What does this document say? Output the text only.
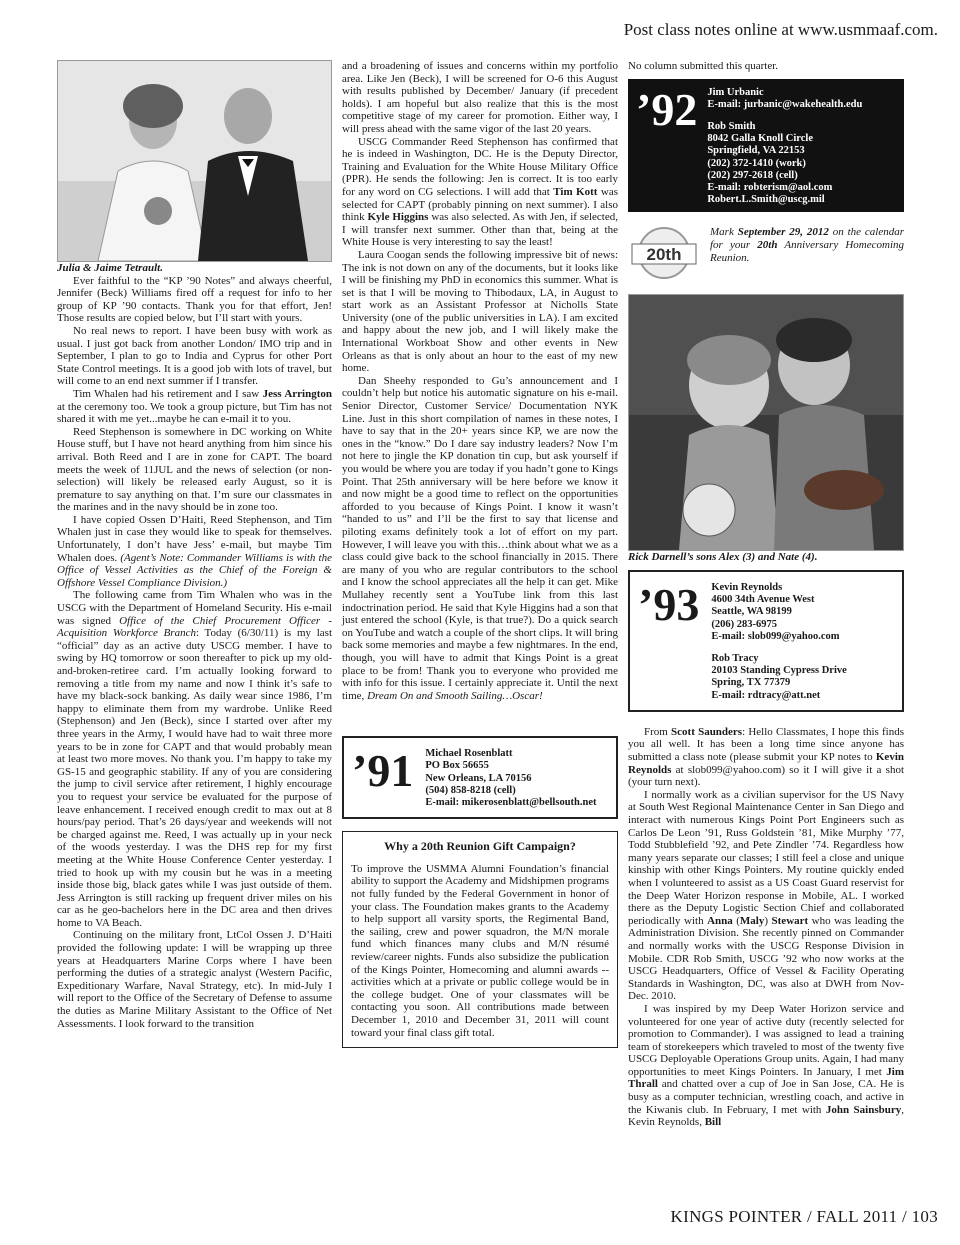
Post class notes online at www.usmmaaf.com.

Julia & Jaime Tetrault.

Ever faithful to the “KP ’90 Notes” and always cheerful, Jennifer (Beck) Williams fired off a request for info to her group of KP ’90 contacts. Thank you for that effort, Jen! Those results are copied below, but I’ll start with yours.

No real news to report. I have been busy with work as usual. I just got back from another London/ IMO trip and in September, I plan to go to India and Cyprus for other Port State Control meetings. It is a good job with lots of travel, but will come to an end next summer if I transfer.

Tim Whalen had his retirement and I saw Jess Arrington at the ceremony too. We took a group picture, but Tim has not shared it with me yet...maybe he can e-mail it to you.

Reed Stephenson is somewhere in DC working on White House stuff, but I have not heard anything from him since his arrival. Both Reed and I are in zone for CAPT. The board meets the week of 11JUL and the news of selection (or non-selection) will likely be released early August, so it is premature to say anything on that. I’m sure our classmates in the marines and in the navy should be in zone too.

I have copied Ossen D’Haiti, Reed Stephenson, and Tim Whalen just in case they would like to speak for themselves. Unfortunately, I don’t have Jess’ e-mail, but maybe Tim Whalen does. (Agent’s Note: Commander Williams is with the Office of Vessel Activities as the Chief of the Foreign & Offshore Vessel Compliance Division.)

The following came from Tim Whalen who was in the USCG with the Department of Homeland Security. His e-mail was signed Office of the Chief Procurement Officer - Acquisition Workforce Branch: Today (6/30/11) is my last “official” day as an active duty USCG member. I have to swing by HQ tomorrow or soon thereafter to pick up my old-and-broken-retiree card. I’m actually looking forward to removing a title from my name and now I think it’s safe to have my black-sock banking. As daily wear since 1986, I’m happy to eliminate them from my wardrobe. Unlike Reed (Stephenson) and Jen (Beck), since I started over after my three years in the Army, I would have had to wait three more years to be in zone for CAPT and that would probably mean at least two more moves. No thank you. I’m happy to take my GS-15 and geographic stability. If any of you are considering the jump to civil service after retirement, I highly encourage you to request your service be evaluated for the purpose of leave enhancement. I received enough credit to max out at 8 hours/pay period. That’s 26 days/year and weekends will not be charged against me. Reed, I was actually up in your neck of the woods yesterday. I was the DHS rep for my first meeting at the White House Conference Center yesterday. I tried to hook up with my cousin but he was in a meeting inside those big, black gates while I was just outside of them. Jess Arrington is still racking up frequent driver miles on his car as he geo-bachelors here in the DC area and then drives home to VA Beach.

Continuing on the military front, LtCol Ossen J. D’Haiti provided the following update: I will be wrapping up three years at Headquarters Marine Corps where I have been performing the duties of a strategic analyst (Western Pacific, Expeditionary Warfare, Naval Strategy, etc). In mid-July I will report to the Office of the Secretary of Defense to assume the duties as Marine Military Assistant to the Office of Net Assessments. I look forward to the transition

and a broadening of issues and concerns within my portfolio area. Like Jen (Beck), I will be screened for O-6 this August with results published by December/ January (if precedent holds). I am hopeful but also realize that this is the most competitive stage of my career for promotion. Either way, I will press ahead with the same vigor of the last 20 years.

USCG Commander Reed Stephenson has confirmed that he is indeed in Washington, DC. He is the Deputy Director, Training and Evaluation for the White House Military Office (PPR). He sends the following: Jen is correct. It is too early for any word on CG selections. I will add that Tim Kott was selected for CAPT (probably pinning on next summer). I also think Kyle Higgins was also selected. As with Jen, if selected, I will transfer next summer. Other than that, being at the White House is very interesting to say the least!

Laura Coogan sends the following impressive bit of news: The ink is not down on any of the documents, but it looks like I will be finishing my PhD in economics this summer. What is set is that I will be moving to Thibodaux, LA, in August to start work as an Assistant Professor at Nicholls State University (one of the public universities in LA). I am excited and happy about the new job, and I will likely make the International Workboat Show and other events in New Orleans as that is only about an hour to the east of my new home.

Dan Sheehy responded to Gu’s announcement and I couldn’t help but notice his automatic signature on his e-mail. Senior Director, Customer Service/ Documentation NYK Line. Just in this short compilation of names in these notes, I have to say that in the 20+ years since KP, we are now the ones in the “know.” Do I dare say industry leaders? Now I’m not here to jingle the KP donation tin cup, but ask yourself if you would be where you are today if you hadn’t gone to Kings Point. That 25th anniversary will be here before we know it and now might be a good time to reflect on the opportunities afforded to you because of Kings Point. I know it wasn’t “handed to us” and I’ll be the first to say that license and piloting exams definitely took a lot of effort on my part. However, I will leave you with this…think about what we as a class could give back to the school financially in 2015. There are many of you who are regular contributors to the school and I know the school appreciates all the help it can get. Mike Mullahey recently sent a YouTube link from this last indoctrination period. He said that Kyle Higgins had a son that just entered the school (Kyle, is that true?). Do a quick search on YouTube and watch a couple of the short clips. It will bring back some memories and maybe a few nightmares. In the end, though, you will have to admit that Kings Point is a great place to be from! Thank you to everyone who provided me with info for this issue. I certainly appreciate it. Until the next time, Dream On and Smooth Sailing…Oscar!

’91 Michael Rosenblatt
PO Box 56655
New Orleans, LA 70156
(504) 858-8218 (cell)
E-mail: mikerosenblatt@bellsouth.net
Why a 20th Reunion Gift Campaign?

To improve the USMMA Alumni Foundation’s financial ability to support the Academy and Midshipmen programs not fully funded by the Federal Government in honor of your class. The Foundation makes grants to the Academy to help support all varsity sports, the Regimental Band, the sailing, crew and power squadron, the M/N morale fund which finances many clubs and M/N résumé review/career nights. Funds also subsidize the publication of the Kings Pointer, Homecoming and alumni awards -- activities which at a private or public college would be in the college budget. One of your classmates will be contacting you soon. All contributions made between December 1, 2010 and December 31, 2011 will count toward your final class gift total.

No column submitted this quarter.

’92 Jim Urbanic
E-mail: jurbanic@wakehealth.edu
Rob Smith
8042 Galla Knoll Circle
Springfield, VA 22153
(202) 372-1410 (work)
(202) 297-2618 (cell)
E-mail: robterism@aol.com
Robert.L.Smith@uscg.mil
20th
Mark September 29, 2012 on the calendar for your 20th Anniversary Homecoming Reunion.

Rick Darnell’s sons Alex (3) and Nate (4).

’93 Kevin Reynolds
4600 34th Avenue West
Seattle, WA 98199
(206) 283-6975
E-mail: slob099@yahoo.com
Rob Tracy
20103 Standing Cypress Drive
Spring, TX 77379
E-mail: rdtracy@att.net

From Scott Saunders: Hello Classmates, I hope this finds you all well. It has been a long time since anyone has submitted a class note (please submit your KP notes to Kevin Reynolds at slob099@yahoo.com) so it I will give it a shot (your turn next).

I normally work as a civilian supervisor for the US Navy at South West Regional Maintenance Center in San Diego and interact with numerous Kings Point Port Engineers such as Carlos De Leon ’91, Russ Goldstein ’81, Mike Murphy ’77, Todd Stubblefield ’92, and Pete Zindler ’74. Regardless how many years separate our classes; I still feel a close and unique kinship with other Kings Pointers. My routine quickly ended when I volunteered to assist as a US Coast Guard reservist for the Deep Water Horizon response in Mobile, AL. I worked there as the Deputy Logistic Section Chief and collaborated periodically with Anna (Maly) Stewart who was leading the Administration Division. She recently pinned on Commander and normally works with the USCG Response Division in Mobile. CDR Rob Smith, USCG ’92 who now works at the USCG Headquarters, Office of Vessel & Facility Operating Standards in Washington, DC, was also at DWH from Nov-Dec. 2010.

I was inspired by my Deep Water Horizon service and volunteered for one year of active duty (recently selected for promotion to Commander). I was assigned to lead a training team of storekeepers which traveled to most of the twenty five USCG Deployable Operations Group units. Again, I had many opportunities to meet Kings Pointers. In January, I met Jim Thrall and chatted over a cup of Joe in San Jose, CA. He is busy as a computer technician, wrestling coach, and active in the Kiwanis club. In February, I met with John Sainsbury, Kevin Reynolds, Bill

KINGS POINTER / FALL 2011 / 103
